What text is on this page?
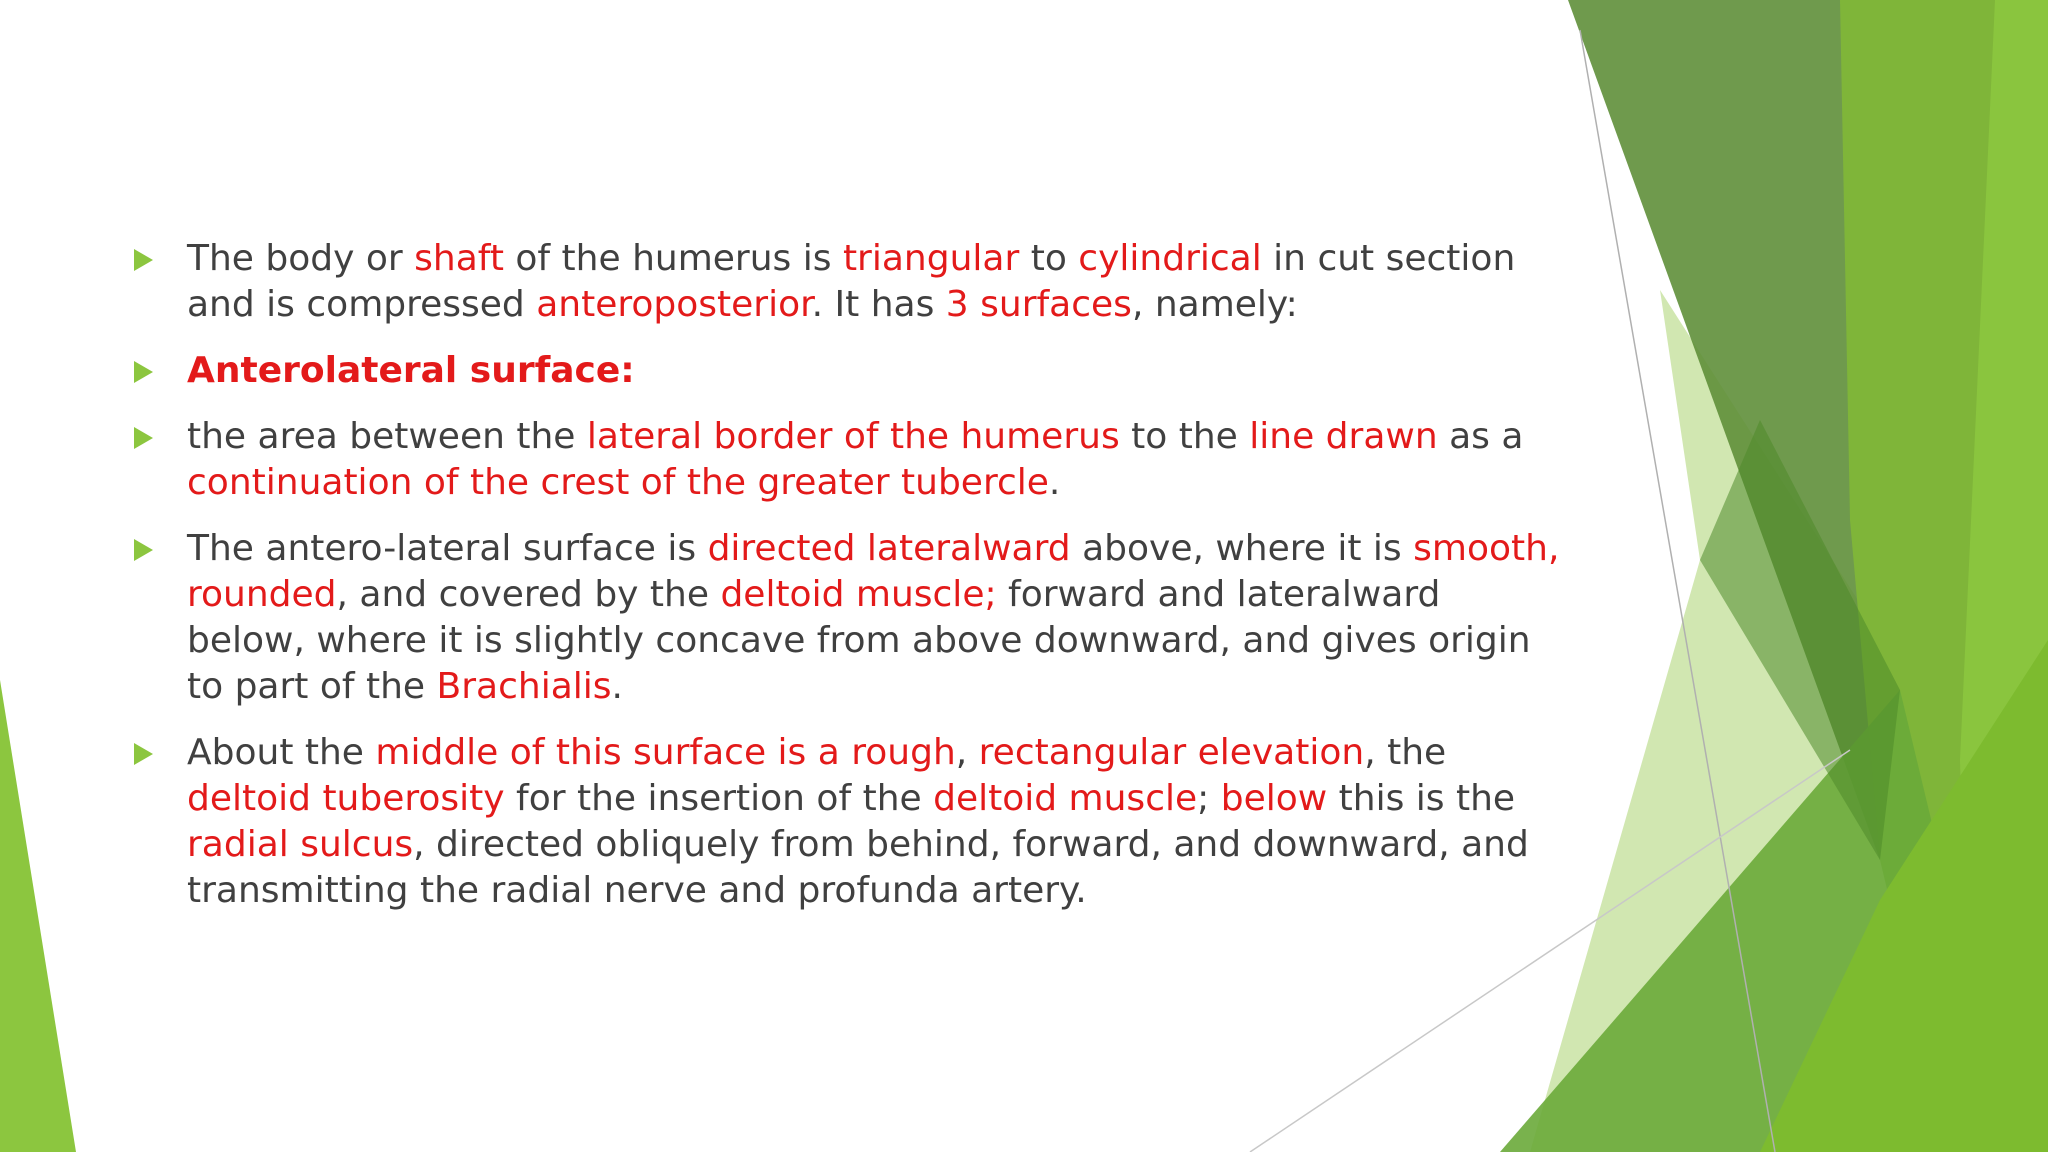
The body or shaft of the humerus is triangular to cylindrical in cut section and is compressed anteroposterior. It has 3 surfaces, namely:
Anterolateral surface:
the area between the lateral border of the humerus to the line drawn as a continuation of the crest of the greater tubercle.
The antero-lateral surface is directed lateralward above, where it is smooth, rounded, and covered by the deltoid muscle; forward and lateralward below, where it is slightly concave from above downward, and gives origin to part of the Brachialis.
About the middle of this surface is a rough, rectangular elevation, the deltoid tuberosity for the insertion of the deltoid muscle; below this is the radial sulcus, directed obliquely from behind, forward, and downward, and transmitting the radial nerve and profunda artery.
